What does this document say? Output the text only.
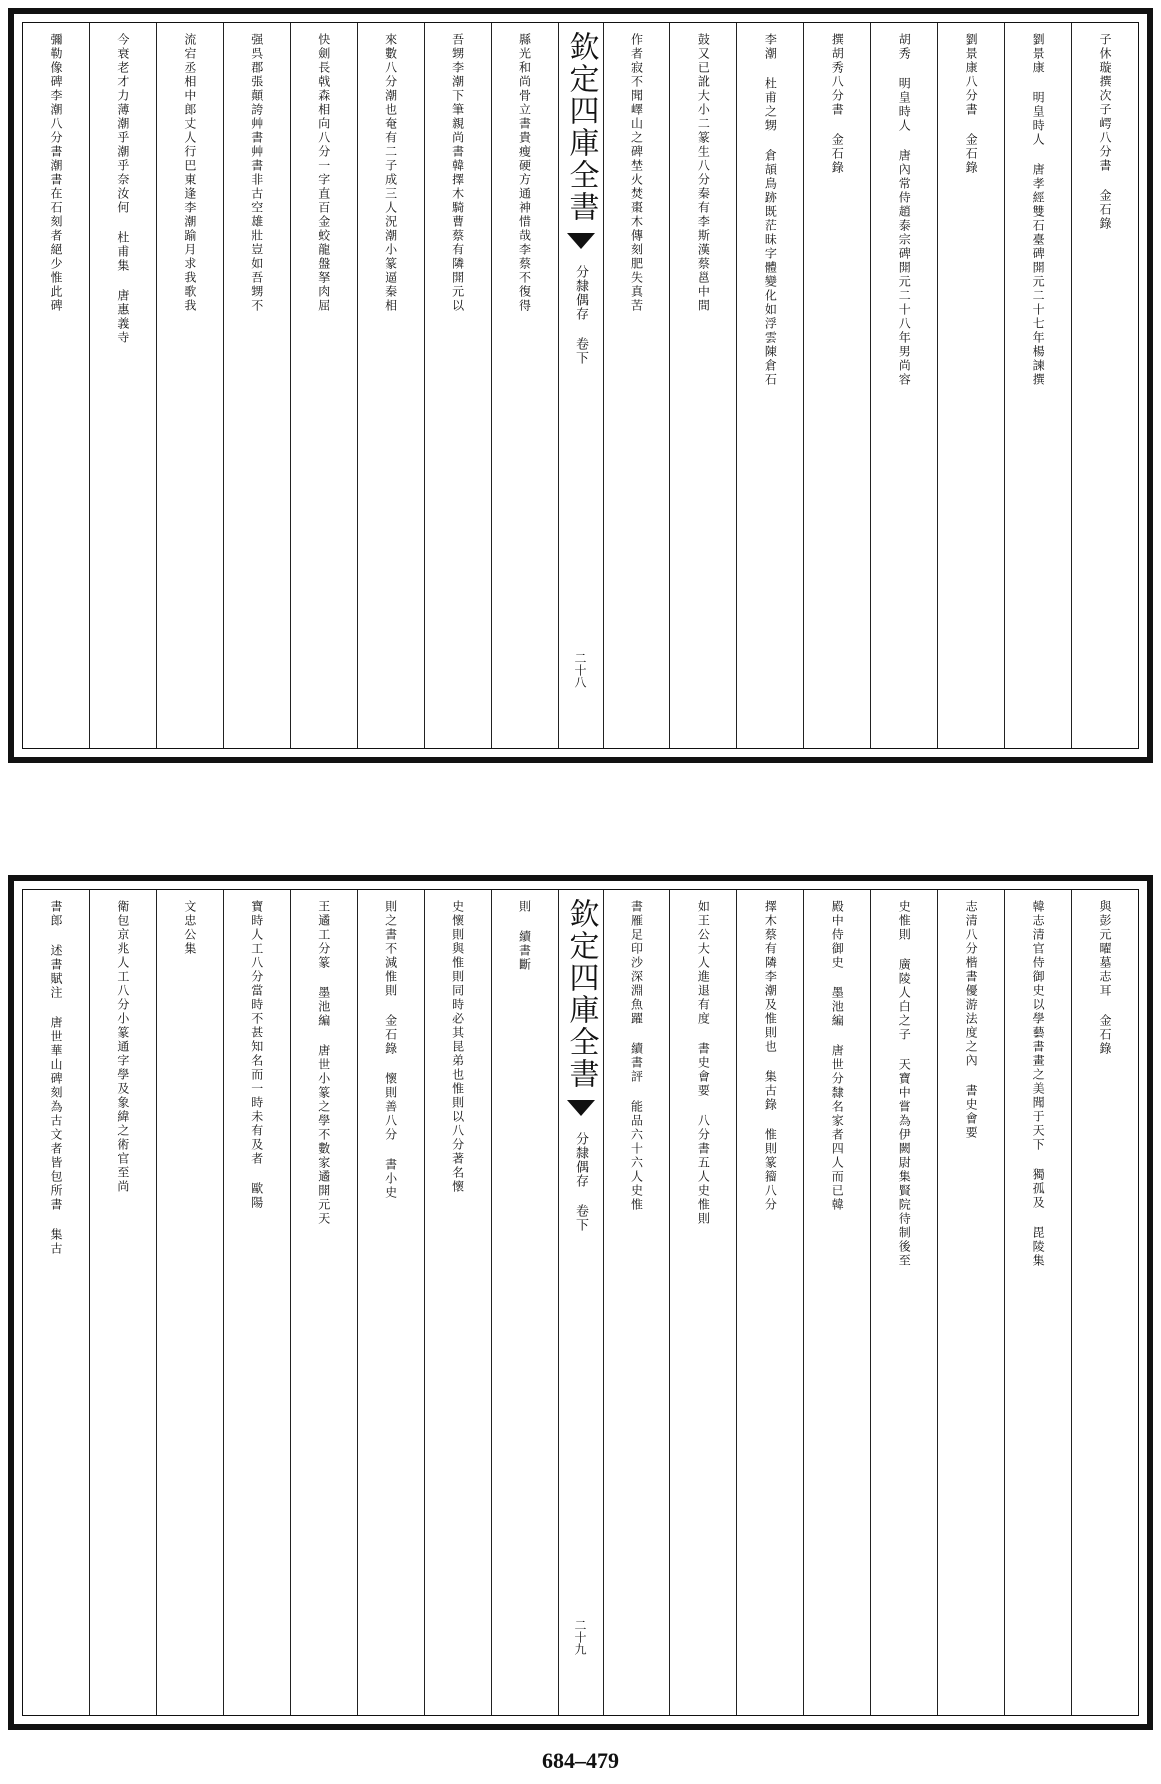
子休璇撰次子崿八分書 金石錄
劉景康 明皇時人 唐孝經雙石臺碑開元二十七年楊諫撰
劉景康八分書 金石錄
胡秀 明皇時人 唐內常侍趙泰宗碑開元二十八年男尚容
撰胡秀八分書 金石錄
李潮 杜甫之甥 倉頡鳥跡既茫昧字體變化如浮雲陳倉石
鼓又已訛大小二篆生八分秦有李斯漢蔡邕中間
作者寂不聞嶧山之碑埜火焚棗木傳刻肥失真苦
欽定四庫全書
分隸偶存 卷下
二十八
縣光和尚骨立書貴瘦硬方通神惜哉李蔡不復得
吾甥李潮下筆親尚書韓擇木騎曹蔡有隣開元以
來數八分潮也奄有二子成三人況潮小篆逼秦相
快劍長戟森相向八分一字直百金蛟龍盤拏肉屈
强呉郡張顛誇艸書艸書非古空雄壯豈如吾甥不
流宕丞相中郎丈人行巴東逢李潮踰月求我歌我
今衰老才力薄潮乎潮乎奈汝何 杜甫集 唐惠義寺
彌勒像碑李潮八分書潮書在石刻者絕少惟此碑
與彭元曜墓志耳 金石錄
韓志清官侍御史以學藝書畫之美聞于天下 獨孤及 毘陵集
志清八分楷書優游法度之內 書史會要
史惟則 廣陵人白之子 天寶中嘗為伊闕尉集賢院待制後至
殿中侍御史 墨池編 唐世分隸名家者四人而已韓
擇木蔡有隣李潮及惟則也 集古錄 惟則篆籀八分
如王公大人進退有度 書史會要 八分書五人史惟則
書雁足印沙深淵魚躍 續書評 能品六十六人史惟
欽定四庫全書
分隸偶存 卷下
二十九
則 續書斷
史懷則與惟則同時必其昆弟也惟則以八分著名懷
則之書不減惟則 金石錄 懷則善八分 書小史
王遹工分篆 墨池編 唐世小篆之學不數家遹開元天
寶時人工八分當時不甚知名而一時未有及者 歐陽
文忠公集
衛包京兆人工八分小篆通字學及象緯之術官至尚
書郎 述書賦注 唐世華山碑刻為古文者皆包所書 集古
684–479
